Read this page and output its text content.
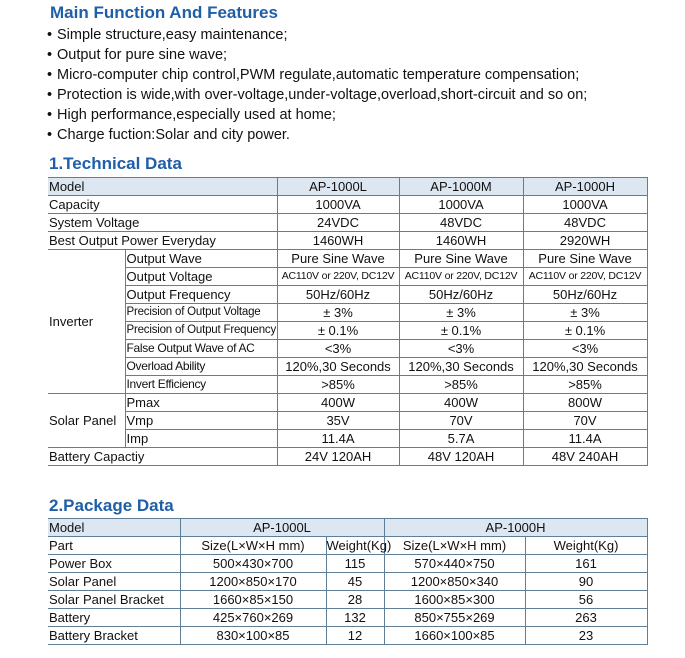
Main Function And Features
• Simple structure,easy maintenance;
• Output for pure sine wave;
• Micro-computer chip control,PWM regulate,automatic temperature compensation;
• Protection is wide,with over-voltage,under-voltage,overload,short-circuit and so on;
• High performance,especially used at home;
• Charge fuction:Solar and city power.
1.Technical Data
Model		AP-1000L	AP-1000M	AP-1000H
Capacity		1000VA	1000VA	1000VA
System Voltage		24VDC	48VDC	48VDC
Best Output Power Everyday		1460WH	1460WH	2920WH
Inverter	Output Wave	Pure Sine Wave	Pure Sine Wave	Pure Sine Wave
	Output Voltage	AC110V or 220V, DC12V	AC110V or 220V, DC12V	AC110V or 220V, DC12V
	Output Frequency	50Hz/60Hz	50Hz/60Hz	50Hz/60Hz
	Precision of Output Voltage	± 3%	± 3%	± 3%
	Precision of Output Frequency	± 0.1%	± 0.1%	± 0.1%
	False Output Wave of AC	<3%	<3%	<3%
	Overload Ability	120%,30 Seconds	120%,30 Seconds	120%,30 Seconds
	Invert Efficiency	>85%	>85%	>85%
Solar Panel	Pmax	400W	400W	800W
	Vmp	35V	70V	70V
	Imp	11.4A	5.7A	11.4A
Battery Capactiy		24V 120AH	48V 120AH	48V 240AH
2.Package Data
Model	AP-1000L		AP-1000H	
Part	Size(L×W×H mm)	Weight(Kg)	Size(L×W×H mm)	Weight(Kg)
Power Box	500×430×700	115	570×440×750	161
Solar Panel	1200×850×170	45	1200×850×340	90
Solar Panel Bracket	1660×85×150	28	1600×85×300	56
Battery	425×760×269	132	850×755×269	263
Battery Bracket	830×100×85	12	1660×100×85	23
